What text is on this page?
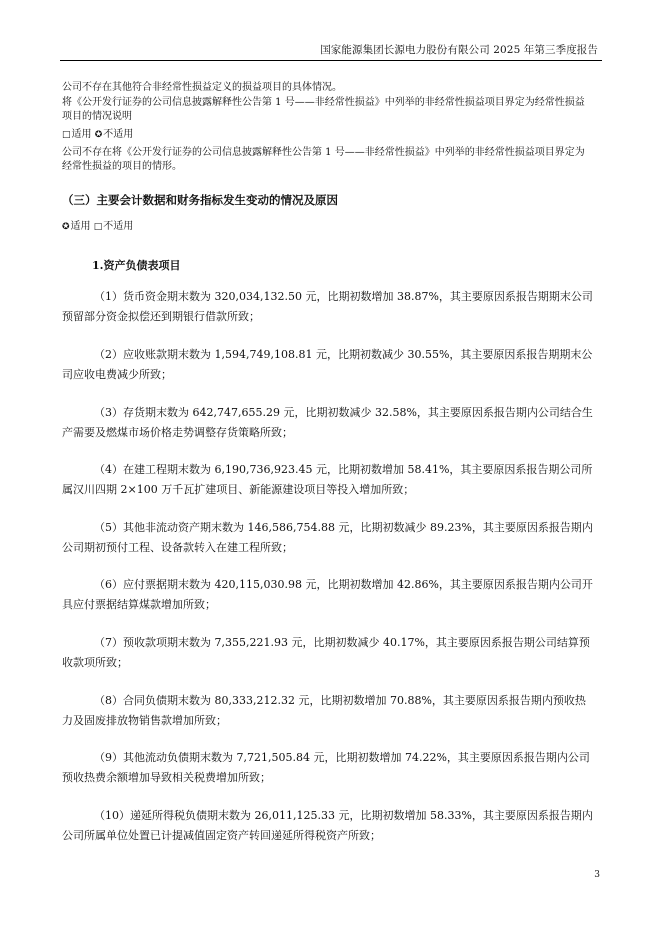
国家能源集团长源电力股份有限公司 2025 年第三季度报告
公司不存在其他符合非经常性损益定义的损益项目的具体情况。
将《公开发行证券的公司信息披露解释性公告第 1 号——非经常性损益》中列举的非经常性损益项目界定为经常性损益
项目的情况说明
□适用 ✪不适用
公司不存在将《公开发行证券的公司信息披露解释性公告第 1 号——非经常性损益》中列举的非经常性损益项目界定为
经常性损益的项目的情形。
（三）主要会计数据和财务指标发生变动的情况及原因
✪适用 □不适用
1.资产负债表项目
（1）货币资金期末数为 320,034,132.50 元，比期初数增加 38.87%，其主要原因系报告期期末公司
预留部分资金拟偿还到期银行借款所致；
（2）应收账款期末数为 1,594,749,108.81 元，比期初数减少 30.55%，其主要原因系报告期期末公
司应收电费减少所致；
（3）存货期末数为 642,747,655.29 元，比期初数减少 32.58%，其主要原因系报告期内公司结合生
产需要及燃煤市场价格走势调整存货策略所致；
（4）在建工程期末数为 6,190,736,923.45 元，比期初数增加 58.41%，其主要原因系报告期公司所
属汉川四期 2×100 万千瓦扩建项目、新能源建设项目等投入增加所致；
（5）其他非流动资产期末数为 146,586,754.88 元，比期初数减少 89.23%，其主要原因系报告期内
公司期初预付工程、设备款转入在建工程所致；
（6）应付票据期末数为 420,115,030.98 元，比期初数增加 42.86%，其主要原因系报告期内公司开
具应付票据结算煤款增加所致；
（7）预收款项期末数为 7,355,221.93 元，比期初数减少 40.17%，其主要原因系报告期公司结算预
收款项所致；
（8）合同负债期末数为 80,333,212.32 元，比期初数增加 70.88%，其主要原因系报告期内预收热
力及固废排放物销售款增加所致；
（9）其他流动负债期末数为 7,721,505.84 元，比期初数增加 74.22%，其主要原因系报告期内公司
预收热费余额增加导致相关税费增加所致；
（10）递延所得税负债期末数为 26,011,125.33 元，比期初数增加 58.33%，其主要原因系报告期内
公司所属单位处置已计提减值固定资产转回递延所得税资产所致；
3
